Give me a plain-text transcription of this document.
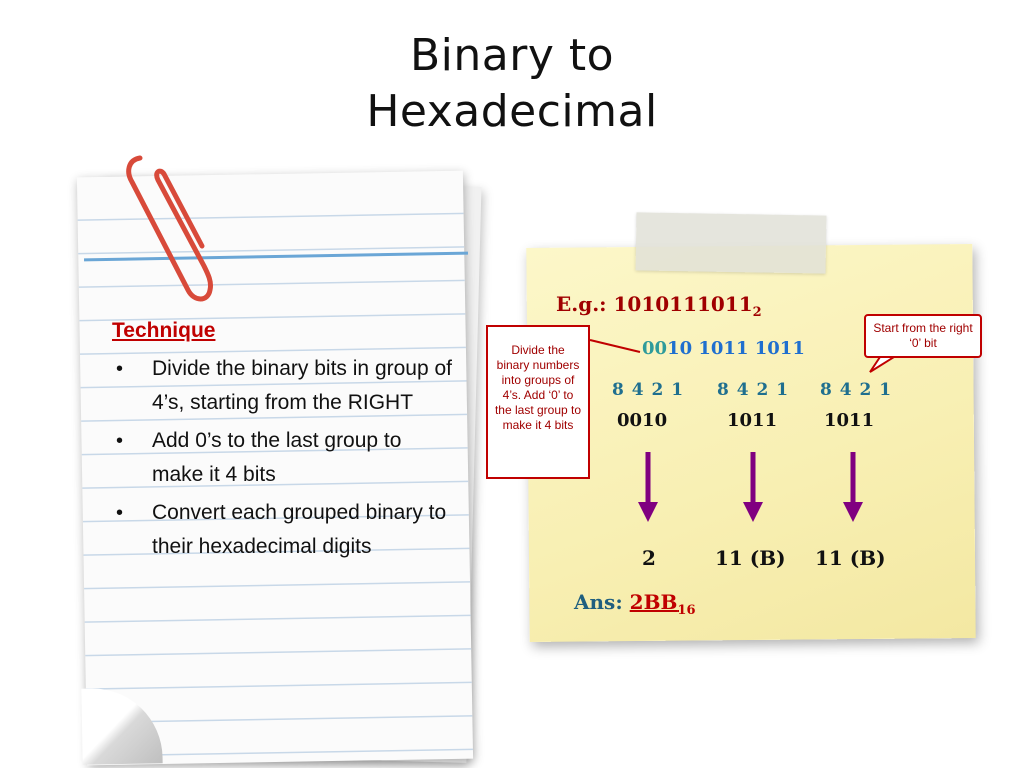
Binary to
Hexadecimal
Technique
• Divide the binary bits in group of 4’s, starting from the RIGHT
• Add 0’s to the last group to make it 4 bits
• Convert each grouped binary to their hexadecimal digits
E.g.: $1010111011_2$
0010 1011 1011
8 4 2 1 8 4 2 1 8 4 2 1
0010	1011	1011
2	11 (B) 11 (B)
Ans: $2BB_{16}$
Divide the binary numbers into groups of 4’s. Add ‘0’ to the last group to make it 4 bits
Start from the right ‘0’ bit
